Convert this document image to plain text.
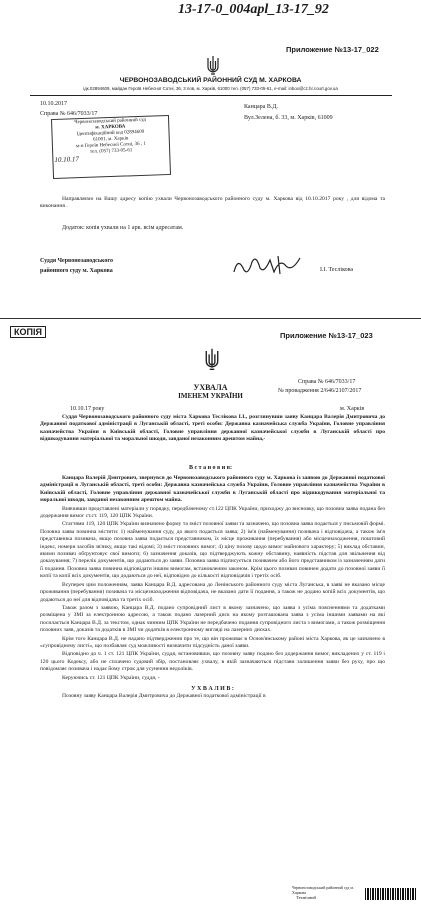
13-17-0_004apl_13-17_92
Приложение №13-17_022
ЧЕРВОНОЗАВОДСЬКИЙ РАЙОННИЙ СУД М. ХАРКОВА
ідк.02894609, майдан Героїв Небесної Сотні, 36, 3 пов, м. Харків, 61000 тел. (057) 733-05-61, e-mail: inbox@cz.hr.court.gov.ua
10.10.2017
Справа № 646/7033/17
Червонозаводський районний суд
м. ХАРКОВА
Ідентифікаційний код 02894609
61001, м. Харків
м-н Героїв Небесної Сотні, 36 , 1
тел. (057) 733-05-61
10.10.17
Канцара В.Д.
Вул.Зелена, б. 33, м. Харків, 61009
Направляємо на Вашу адресу копію ухвали Червонозаводського районного суду м. Харкова від 10.10.2017 року , для відома та виконання .
Додаток: копія ухвали на 1 арк. всім адресатам.
Суддя Червонозаводського
районного суду м. Харкова	І.І. Теслікова
КОПІЯ	Приложение №13-17_023
Справа № 646/7033/17
№ провадження 2/646/2107/2017
УХВАЛА
ІМЕНЕМ УКРАЇНИ
10.10.17 року	м. Харків
Суддя Червонозаводського районного суду міста Харкова Теслікова І.І., розглянувши заяву Канцара Валерія Дмитровича до Державної податкової адміністрації в Луганській області, треті особи: Державна казначейська служба України, Головне управління казначейства України в Київській області, Головне управління державної казначейської служби в Луганській області про відшкодування матеріальної та моральної шкоди, завданої незаконним арештом майна,-
В с т а н о в и в:
Канцара Валерій Дмитрович, звернувся до Червонозаводського районного суду м. Харкова із заявою до Державної податкової адміністрації в Луганській області, треті особи: Державна казначейська служба України, Головне управління казначейства України в Київській області, Головне управління державної казначейської служби в Луганській області про відшкодування матеріальної та моральної шкоди, завданої незаконним арештом майна.
Вивчивши представлені матеріали у порядку, передбаченому ст.122 ЦПК України, приходжу до висновку, що позовна заява подана без додержання вимог ст.ст. 119, 120 ЦПК України.
Статтями 119, 120 ЦПК України визначено форму та зміст позовної заяви та зазначено, що позовна заява подається у письмовій формі. Позовна заява повинна містити: 1) найменування суду, до якого подається заява; 2) ім'я (найменування) позивача і відповідача, а також ім'я представника позивача, якщо позовна заява подається представником, їх місце проживання (перебування) або місцезнаходження, поштовий індекс, номери засобів зв'язку, якщо такі відомі; 3) зміст позовних вимог; 4) ціну позову щодо вимог майнового характеру; 5) виклад обставин, якими позивач обґрунтовує свої вимоги; 6) зазначення доказів, що підтверджують кожну обставину, наявність підстав для звільнення від доказування; 7) перелік документів, що додаються до заяви. Позовна заява підписується позивачем або його представником із зазначенням дати її подання. Позовна заява повинна відповідати іншим вимогам, встановленим законом. Крім цього позивач повинен додати до позовної заяви її копії та копії всіх документів, що додаються до неї, відповідно до кількості відповідачів і третіх осіб.
Всупереч цим положенням, заява Канцара В.Д. адресована до Ленінського районного суду міста Луганська, в заяві не вказано місце проживання (перебування) позивача та місцезнаходження відповідача, не вказано дати її подання, а також не додано копій всіх документів, що додаються до неї для відповідача та третіх осіб.
Також разом з заявою, Канцара В.Д. подано супровідний лист в якому зазначено, що заява з усіма поясненнями та додатками розміщена у ЗМІ за електронною адресою, а також подано лазерний диск на якому розташована заява з усіма іншими заявами на які посилається Канцара В.Д. за текстом, однак чинним ЦПК України не передбачено подання супровідного листа з вимогами, а також розміщення позовних заяв, доказів та додатків в ЗМІ чи додатків в електронному вигляді на лазерних дисках.
Крім того Канцара В.Д. не надано підтвердження про те, що він проживає в Основ'янському районі міста Харкова, як це зазначено в «супровідному листі», що позбавляє суд можливості визначити підсудність даної заяви.
Відповідно до ч. 1 ст. 121 ЦПК України, суддя, встановивши, що позовну заяву подано без додержання вимог, викладених у ст. 119 і 120 цього Кодексу, або не сплачено судовий збір, постановляє ухвалу, в якій зазначаються підстави залишення заяви без руху, про що повідомляє позивача і надає йому строк для усунення недоліків.
Керуючись ст. 121 ЦПК України, суддя, -
У Х В А Л И В :
Позовну заяву Канцара Валерія Дмитровича до Державної податкової адміністрації в
Червонозаводський районний суд м. Харкова
Технічний
